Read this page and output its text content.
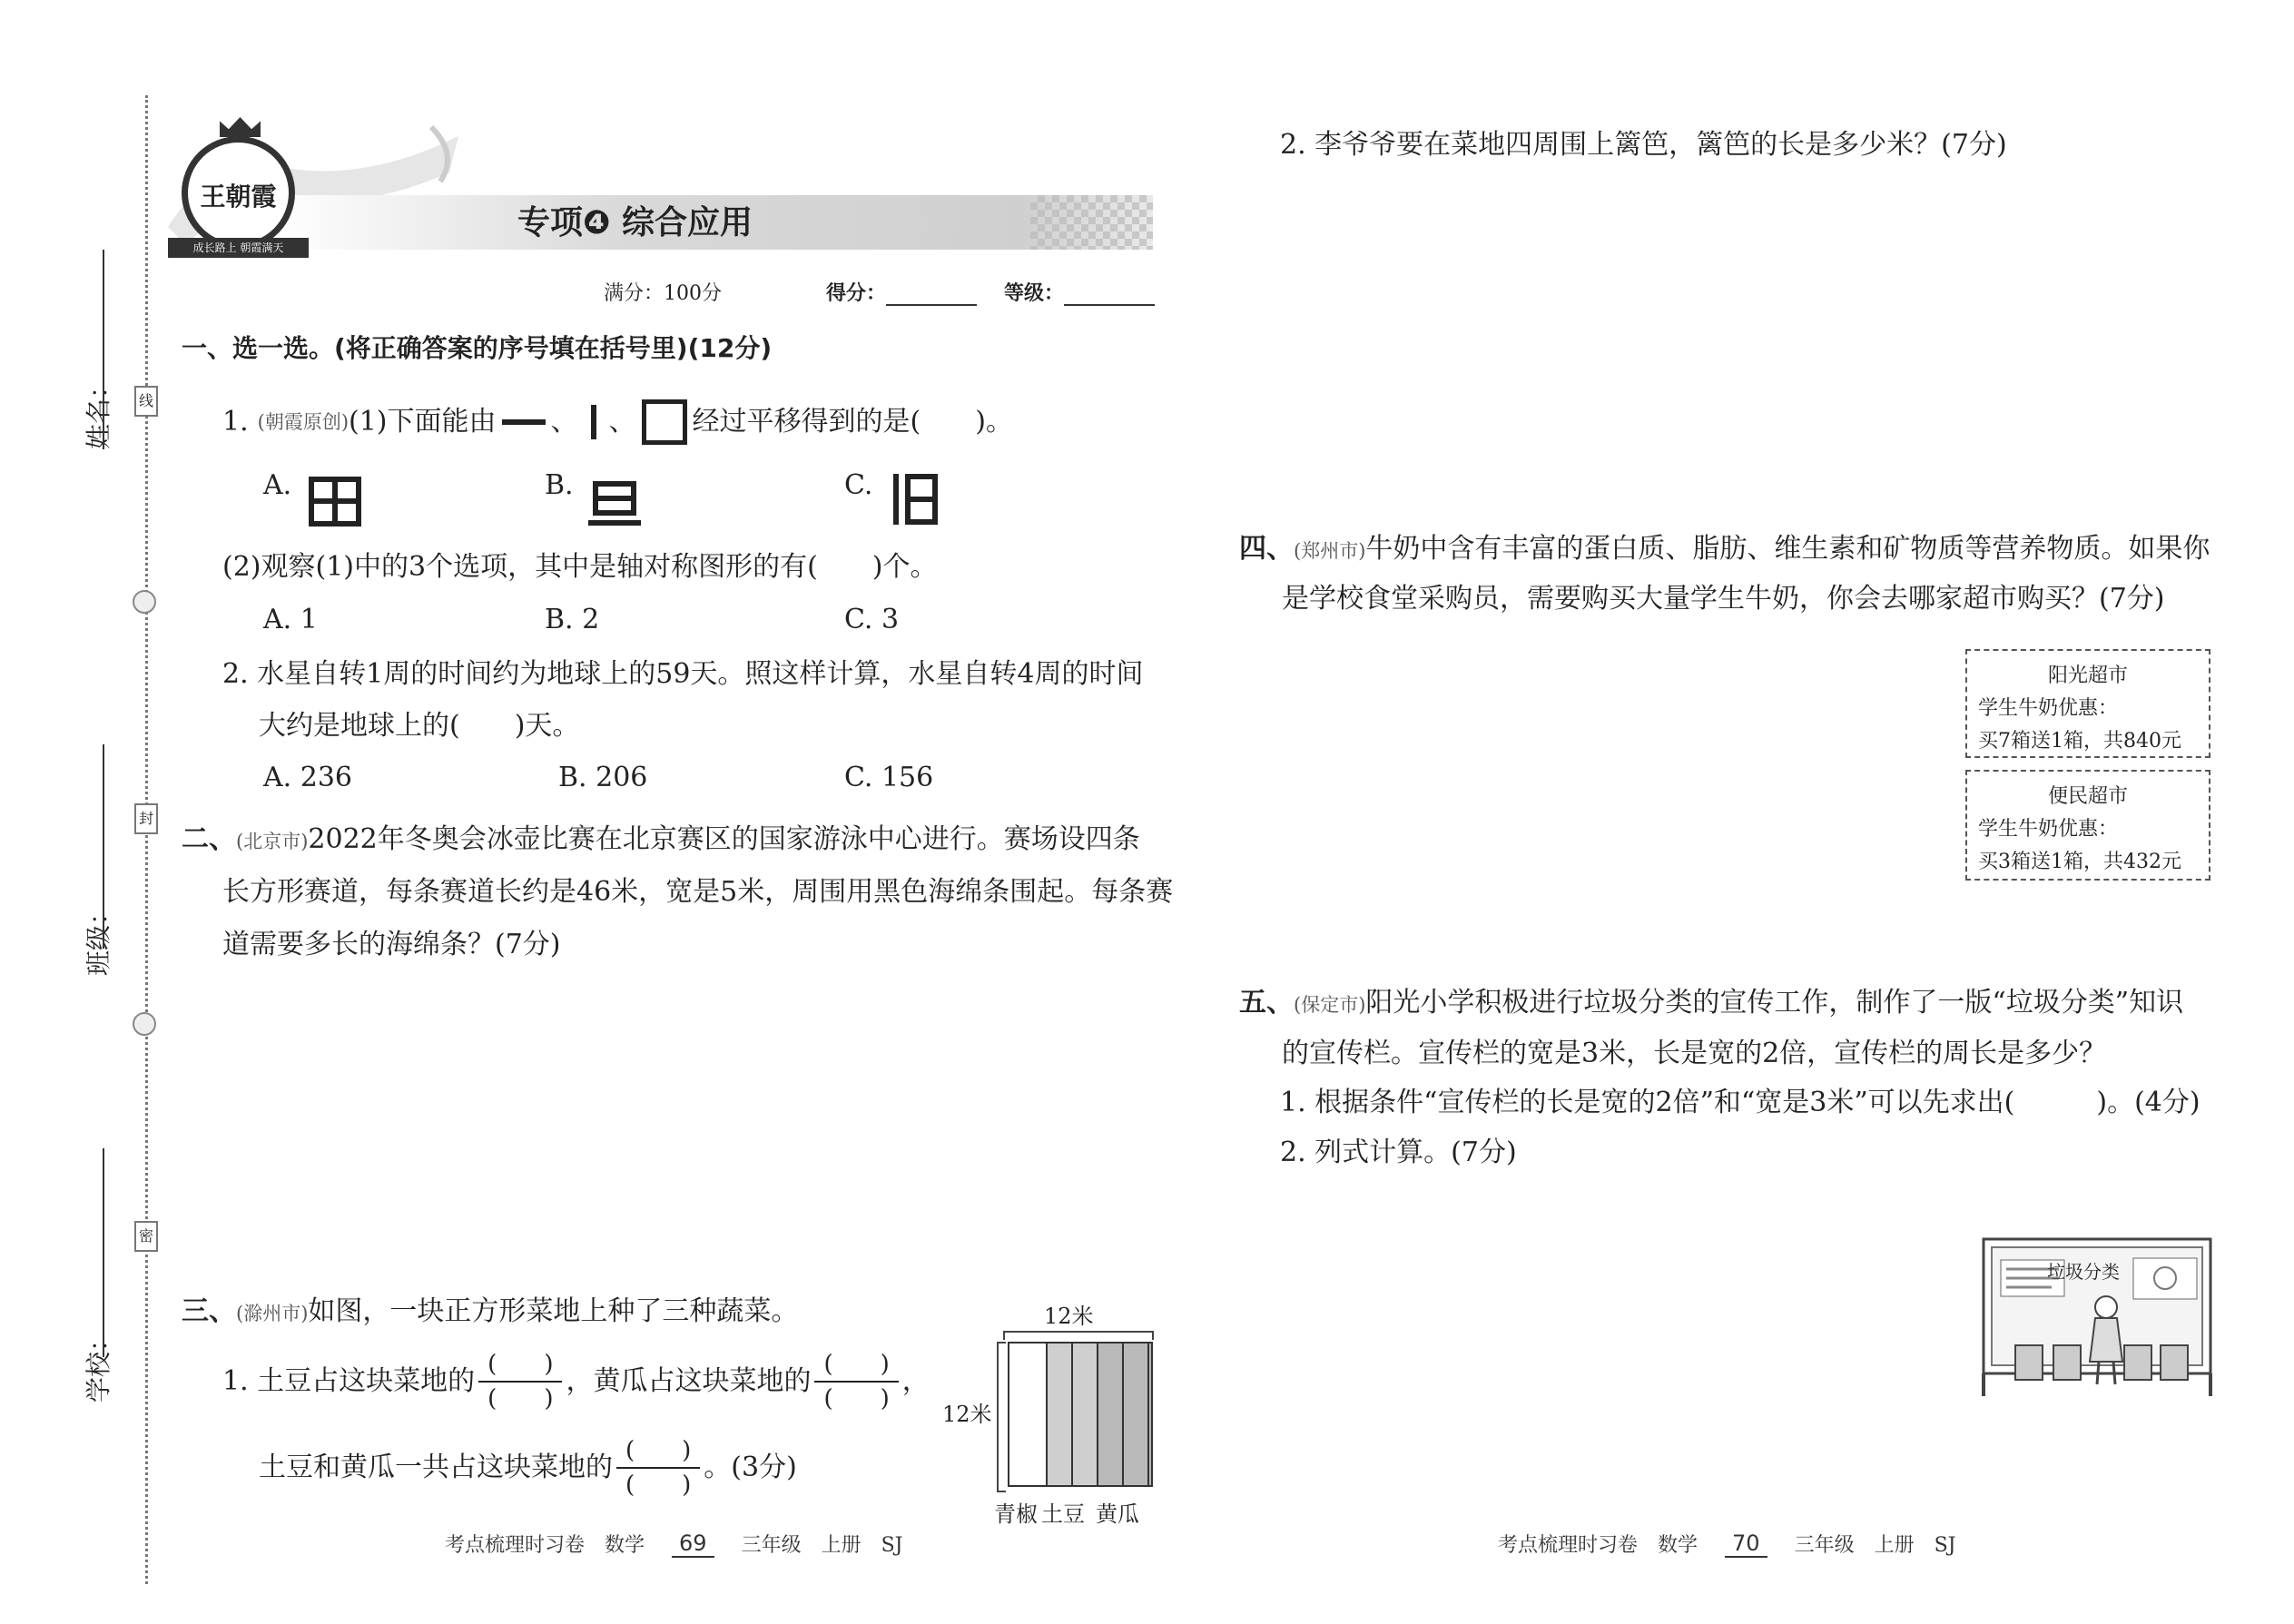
姓名：
班级：
学校：
线
封
密
王朝霞
成长路上 朝霞满天
专项❹ 综合应用
满分：100分	得分：	等级：
一、选一选。(将正确答案的序号填在括号里)(12分)
1. (朝霞原创) (1)下面能由 、 、 经过平移得到的是(　　)。
A.	B.	C.
(2)观察(1)中的3个选项，其中是轴对称图形的有(　　)个。
A. 1	B. 2	C. 3
2. 水星自转1周的时间约为地球上的59天。照这样计算，水星自转4周的时间
大约是地球上的(　　)天。
A. 236	B. 206	C. 156
二、(北京市)2022年冬奥会冰壶比赛在北京赛区的国家游泳中心进行。赛场设四条
长方形赛道，每条赛道长约是46米，宽是5米，周围用黑色海绵条围起。每条赛
道需要多长的海绵条？(7分)
三、(滁州市)如图，一块正方形菜地上种了三种蔬菜。
1. 土豆占这块菜地的 $\frac{( )}{( )}$ ，黄瓜占这块菜地的 $\frac{( )}{( )}$ ，
土豆和黄瓜一共占这块菜地的 $\frac{( )}{( )}$ 。(3分)
12米
12米
青椒 土豆 黄瓜
考点梳理时习卷　数学	69	三年级　上册　SJ
2. 李爷爷要在菜地四周围上篱笆，篱笆的长是多少米？(7分)
四、(郑州市)牛奶中含有丰富的蛋白质、脂肪、维生素和矿物质等营养物质。如果你
是学校食堂采购员，需要购买大量学生牛奶，你会去哪家超市购买？(7分)
阳光超市
学生牛奶优惠：
买7箱送1箱，共840元
便民超市
学生牛奶优惠：
买3箱送1箱，共432元
五、(保定市)阳光小学积极进行垃圾分类的宣传工作，制作了一版“垃圾分类”知识
的宣传栏。宣传栏的宽是3米，长是宽的2倍，宣传栏的周长是多少？
1. 根据条件“宣传栏的长是宽的2倍”和“宽是3米”可以先求出(　　　)。(4分)
2. 列式计算。(7分)
垃圾分类
考点梳理时习卷　数学	70	三年级　上册　SJ
